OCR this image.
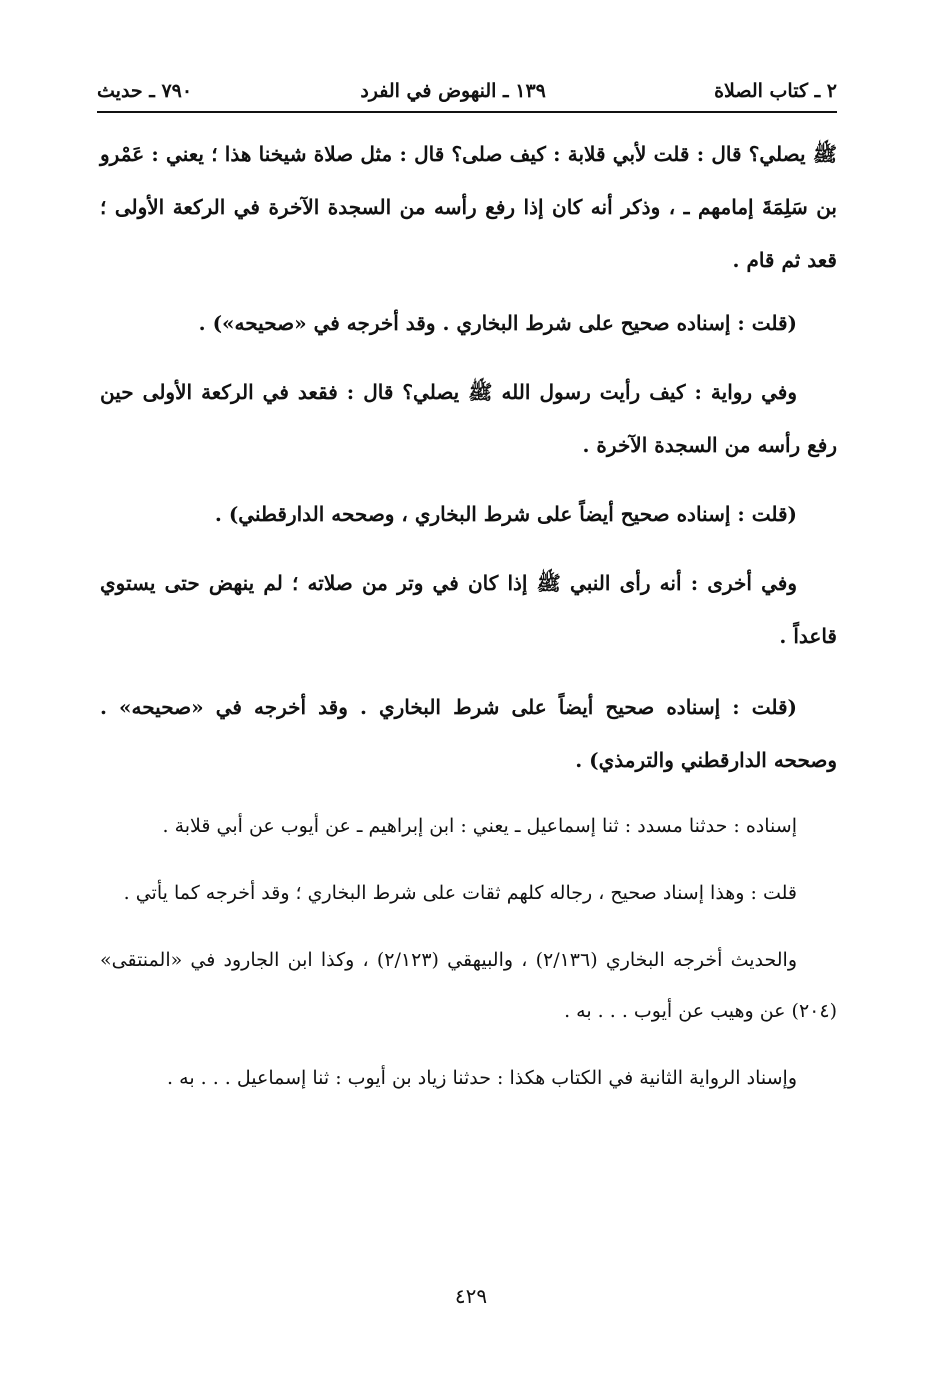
٢ ـ كتاب الصلاة
١٣٩ ـ النهوض في الفرد
٧٩٠ ـ حديث

ﷺ يصلي؟ قال : قلت لأبي قلابة : كيف صلى؟ قال : مثل صلاة شيخنا هذا ؛ يعني : عَمْرو بن سَلِمَةَ إمامهم ـ ، وذكر أنه كان إذا رفع رأسه من السجدة الآخرة في الركعة الأولى ؛ قعد ثم قام .

(قلت : إسناده صحيح على شرط البخاري . وقد أخرجه في «صحيحه») .

وفي رواية : كيف رأيت رسول الله ﷺ يصلي؟ قال : فقعد في الركعة الأولى حين رفع رأسه من السجدة الآخرة .

(قلت : إسناده صحيح أيضاً على شرط البخاري ، وصححه الدارقطني) .

وفي أخرى : أنه رأى النبي ﷺ إذا كان في وتر من صلاته ؛ لم ينهض حتى يستوي قاعداً .

(قلت : إسناده صحيح أيضاً على شرط البخاري . وقد أخرجه في «صحيحه» . وصححه الدارقطني والترمذي) .

إسناده : حدثنا مسدد : ثنا إسماعيل ـ يعني : ابن إبراهيم ـ عن أيوب عن أبي قلابة .

قلت : وهذا إسناد صحيح ، رجاله كلهم ثقات على شرط البخاري ؛ وقد أخرجه كما يأتي .

والحديث أخرجه البخاري (٢/١٣٦) ، والبيهقي (٢/١٢٣) ، وكذا ابن الجارود في «المنتقى» (٢٠٤) عن وهيب عن أيوب . . . به .

وإسناد الرواية الثانية في الكتاب هكذا : حدثنا زياد بن أيوب : ثنا إسماعيل . . . به .

٤٢٩
